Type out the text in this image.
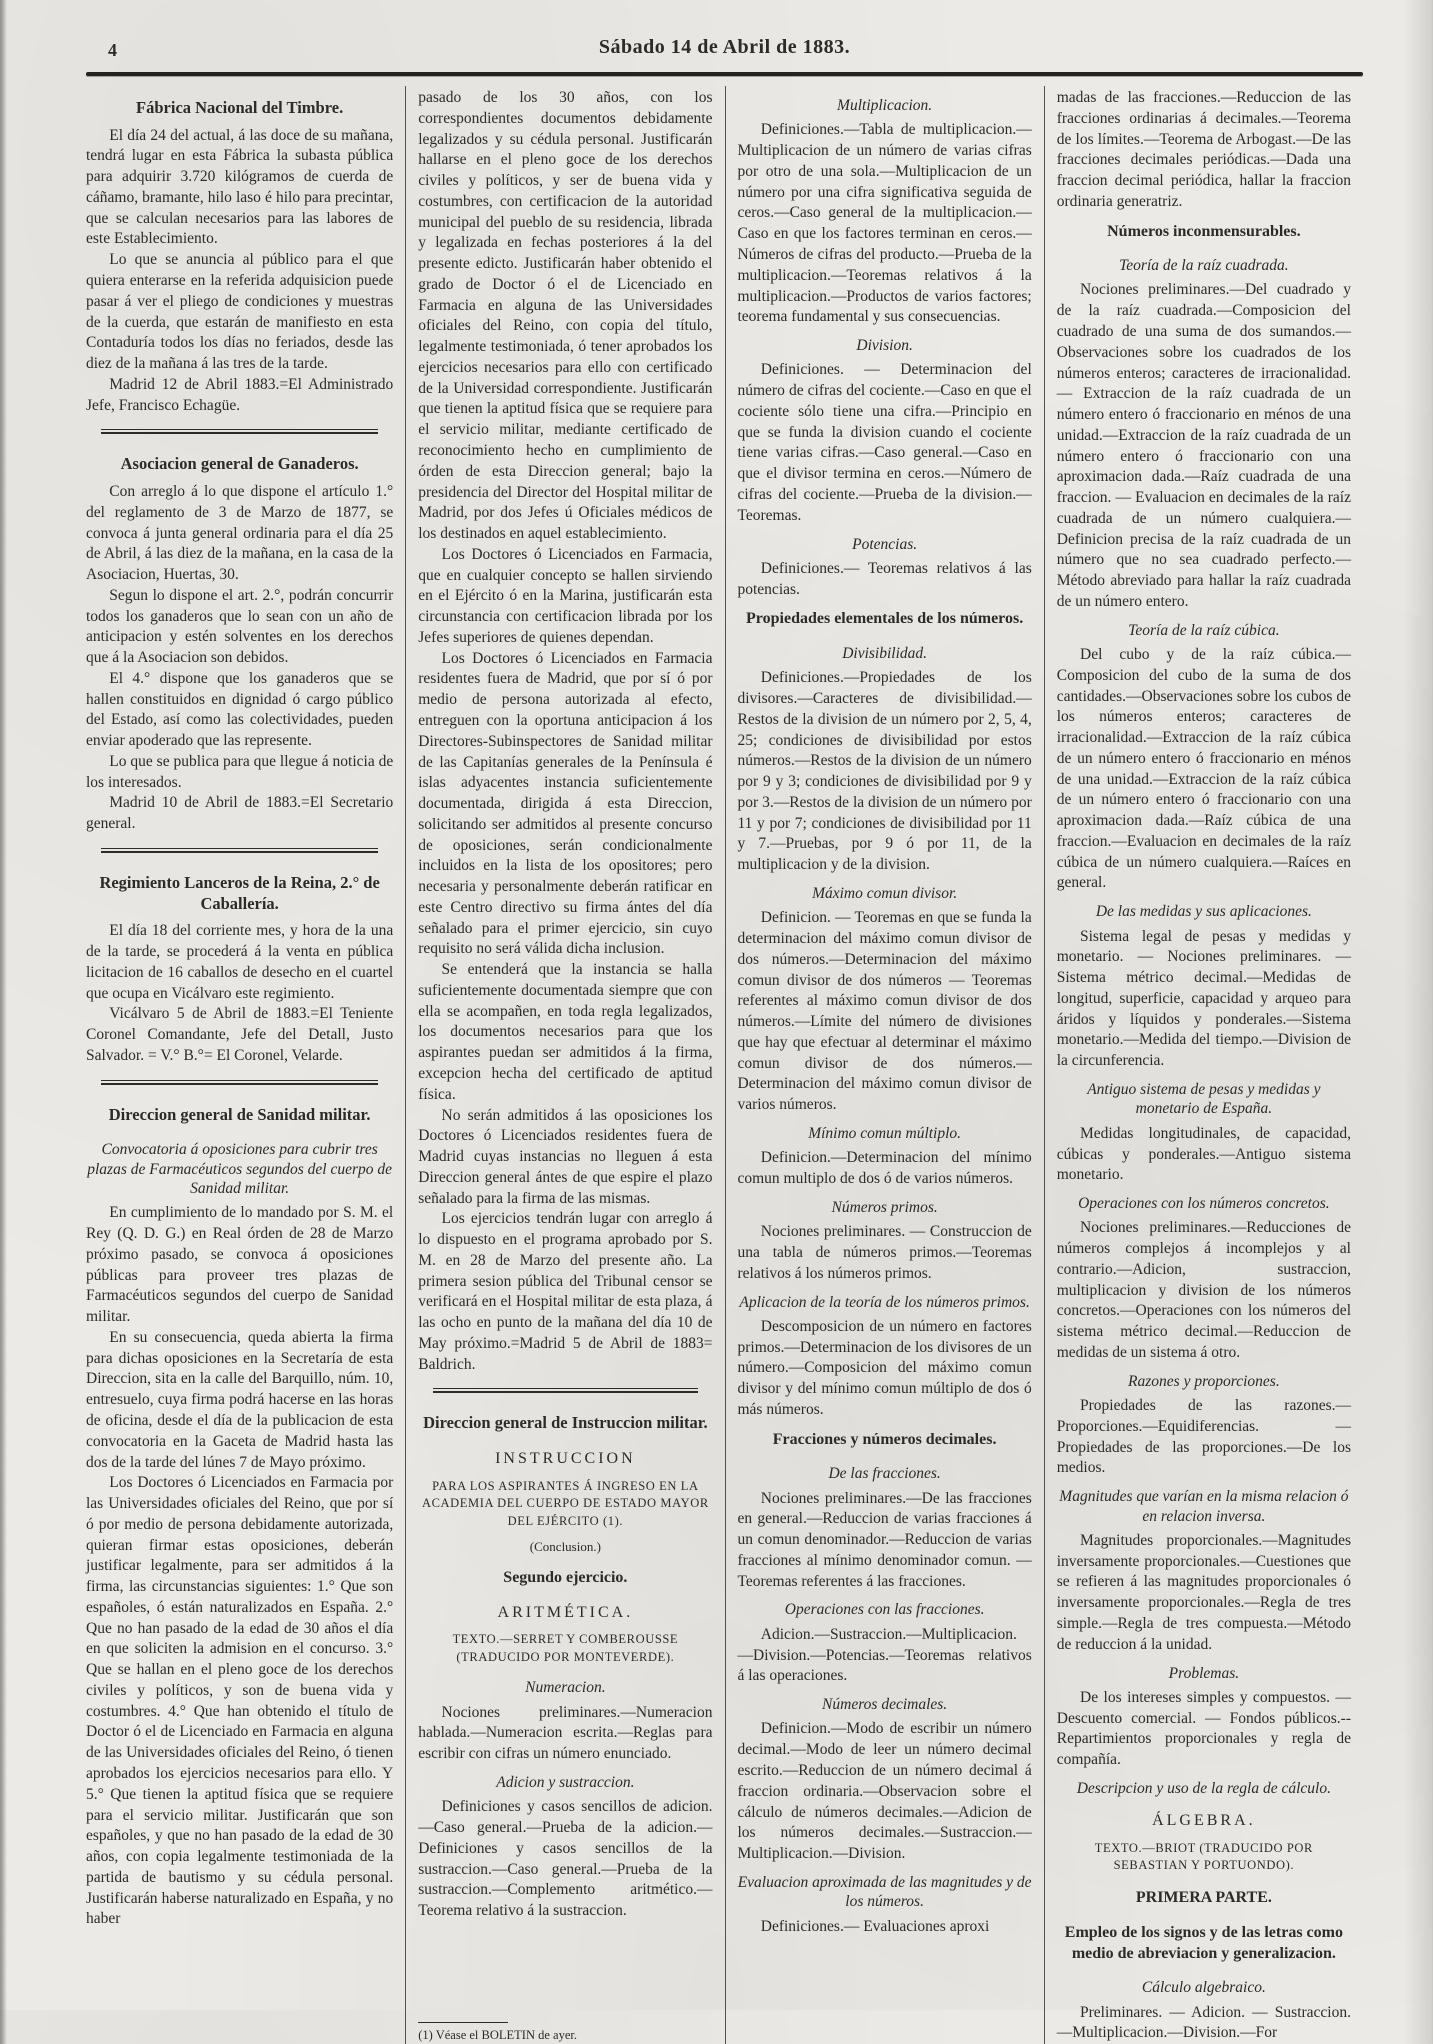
4	Sábado 14 de Abril de 1883.
Fábrica Nacional del Timbre.
El día 24 del actual, á las doce de su mañana, tendrá lugar en esta Fábrica la subasta pública para adquirir 3.720 kilógramos de cuerda de cáñamo, bramante, hilo laso é hilo para precintar, que se calculan necesarios para las labores de este Establecimiento.
Lo que se anuncia al público para el que quiera enterarse en la referida adquisicion puede pasar á ver el pliego de condiciones y muestras de la cuerda, que estarán de manifiesto en esta Contaduría todos los días no feriados, desde las diez de la mañana á las tres de la tarde.
Madrid 12 de Abril 1883.=El Administrado Jefe, Francisco Echagüe.
Asociacion general de Ganaderos.
Con arreglo á lo que dispone el artículo 1.° del reglamento de 3 de Marzo de 1877, se convoca á junta general ordinaria para el día 25 de Abril, á las diez de la mañana, en la casa de la Asociacion, Huertas, 30.
Segun lo dispone el art. 2.°, podrán concurrir todos los ganaderos que lo sean con un año de anticipacion y estén solventes en los derechos que á la Asociacion son debidos.
El 4.° dispone que los ganaderos que se hallen constituidos en dignidad ó cargo público del Estado, así como las colectividades, pueden enviar apoderado que las represente.
Lo que se publica para que llegue á noticia de los interesados.
Madrid 10 de Abril de 1883.=El Secretario general.
Regimiento Lanceros de la Reina, 2.° de Caballería.
El día 18 del corriente mes, y hora de la una de la tarde, se procederá á la venta en pública licitacion de 16 caballos de desecho en el cuartel que ocupa en Vicálvaro este regimiento.
Vicálvaro 5 de Abril de 1883.=El Teniente Coronel Comandante, Jefe del Detall, Justo Salvador. = V.° B.°= El Coronel, Velarde.
Direccion general de Sanidad militar.
Convocatoria á oposiciones para cubrir tres plazas de Farmacéuticos segundos del cuerpo de Sanidad militar.
En cumplimiento de lo mandado por S. M. el Rey (Q. D. G.) en Real órden de 28 de Marzo próximo pasado, se convoca á oposiciones públicas para proveer tres plazas de Farmacéuticos segundos del cuerpo de Sanidad militar.
En su consecuencia, queda abierta la firma para dichas oposiciones en la Secretaría de esta Direccion, sita en la calle del Barquillo, núm. 10, entresuelo, cuya firma podrá hacerse en las horas de oficina, desde el día de la publicacion de esta convocatoria en la Gaceta de Madrid hasta las dos de la tarde del lúnes 7 de Mayo próximo.
Los Doctores ó Licenciados en Farmacia por las Universidades oficiales del Reino, que por sí ó por medio de persona debidamente autorizada, quieran firmar estas oposiciones, deberán justificar legalmente, para ser admitidos á la firma, las circunstancias siguientes: 1.° Que son españoles, ó están naturalizados en España. 2.° Que no han pasado de la edad de 30 años el día en que soliciten la admision en el concurso. 3.° Que se hallan en el pleno goce de los derechos civiles y políticos, y son de buena vida y costumbres. 4.° Que han obtenido el título de Doctor ó el de Licenciado en Farmacia en alguna de las Universidades oficiales del Reino, ó tienen aprobados los ejercicios necesarios para ello. Y 5.° Que tienen la aptitud física que se requiere para el servicio militar. Justificarán que son españoles, y que no han pasado de la edad de 30 años, con copia legalmente testimoniada de la partida de bautismo y su cédula personal. Justificarán haberse naturalizado en España, y no haber
pasado de los 30 años, con los correspondientes documentos debidamente legalizados y su cédula personal. Justificarán hallarse en el pleno goce de los derechos civiles y políticos, y ser de buena vida y costumbres, con certificacion de la autoridad municipal del pueblo de su residencia, librada y legalizada en fechas posteriores á la del presente edicto. Justificarán haber obtenido el grado de Doctor ó el de Licenciado en Farmacia en alguna de las Universidades oficiales del Reino, con copia del título, legalmente testimoniada, ó tener aprobados los ejercicios necesarios para ello con certificado de la Universidad correspondiente. Justificarán que tienen la aptitud física que se requiere para el servicio militar, mediante certificado de reconocimiento hecho en cumplimiento de órden de esta Direccion general; bajo la presidencia del Director del Hospital militar de Madrid, por dos Jefes ú Oficiales médicos de los destinados en aquel establecimiento.
Los Doctores ó Licenciados en Farmacia, que en cualquier concepto se hallen sirviendo en el Ejército ó en la Marina, justificarán esta circunstancia con certificacion librada por los Jefes superiores de quienes dependan.
Los Doctores ó Licenciados en Farmacia residentes fuera de Madrid, que por sí ó por medio de persona autorizada al efecto, entreguen con la oportuna anticipacion á los Directores-Subinspectores de Sanidad militar de las Capitanías generales de la Península é islas adyacentes instancia suficientemente documentada, dirigida á esta Direccion, solicitando ser admitidos al presente concurso de oposiciones, serán condicionalmente incluidos en la lista de los opositores; pero necesaria y personalmente deberán ratificar en este Centro directivo su firma ántes del día señalado para el primer ejercicio, sin cuyo requisito no será válida dicha inclusion.
Se entenderá que la instancia se halla suficientemente documentada siempre que con ella se acompañen, en toda regla legalizados, los documentos necesarios para que los aspirantes puedan ser admitidos á la firma, excepcion hecha del certificado de aptitud física.
No serán admitidos á las oposiciones los Doctores ó Licenciados residentes fuera de Madrid cuyas instancias no lleguen á esta Direccion general ántes de que espire el plazo señalado para la firma de las mismas.
Los ejercicios tendrán lugar con arreglo á lo dispuesto en el programa aprobado por S. M. en 28 de Marzo del presente año. La primera sesion pública del Tribunal censor se verificará en el Hospital militar de esta plaza, á las ocho en punto de la mañana del día 10 de May próximo.=Madrid 5 de Abril de 1883= Baldrich.
Direccion general de Instruccion militar.
INSTRUCCION
PARA LOS ASPIRANTES Á INGRESO EN LA ACADEMIA DEL CUERPO DE ESTADO MAYOR DEL EJÉRCITO (1).
(Conclusion.)
Segundo ejercicio.
ARITMÉTICA.
TEXTO.—SERRET Y COMBEROUSSE (TRADUCIDO POR MONTEVERDE).
Numeracion.
Nociones preliminares.—Numeracion hablada.—Numeracion escrita.—Reglas para escribir con cifras un número enunciado.
Adicion y sustraccion.
Definiciones y casos sencillos de adicion.—Caso general.—Prueba de la adicion.—Definiciones y casos sencillos de la sustraccion.—Caso general.—Prueba de la sustraccion.—Complemento aritmético.—Teorema relativo á la sustraccion.
(1) Véase el BOLETIN de ayer.
Multiplicacion.
Definiciones.—Tabla de multiplicacion.—Multiplicacion de un número de varias cifras por otro de una sola.—Multiplicacion de un número por una cifra significativa seguida de ceros.—Caso general de la multiplicacion.—Caso en que los factores terminan en ceros.—Números de cifras del producto.—Prueba de la multiplicacion.—Teoremas relativos á la multiplicacion.—Productos de varios factores; teorema fundamental y sus consecuencias.
Division.
Definiciones. — Determinacion del número de cifras del cociente.—Caso en que el cociente sólo tiene una cifra.—Principio en que se funda la division cuando el cociente tiene varias cifras.—Caso general.—Caso en que el divisor termina en ceros.—Número de cifras del cociente.—Prueba de la division.—Teoremas.
Potencias.
Definiciones.— Teoremas relativos á las potencias.
Propiedades elementales de los números.
Divisibilidad.
Definiciones.—Propiedades de los divisores.—Caracteres de divisibilidad.—Restos de la division de un número por 2, 5, 4, 25; condiciones de divisibilidad por estos números.—Restos de la division de un número por 9 y 3; condiciones de divisibilidad por 9 y por 3.—Restos de la division de un número por 11 y por 7; condiciones de divisibilidad por 11 y 7.—Pruebas, por 9 ó por 11, de la multiplicacion y de la division.
Máximo comun divisor.
Definicion. — Teoremas en que se funda la determinacion del máximo comun divisor de dos números.—Determinacion del máximo comun divisor de dos números — Teoremas referentes al máximo comun divisor de dos números.—Límite del número de divisiones que hay que efectuar al determinar el máximo comun divisor de dos números.—Determinacion del máximo comun divisor de varios números.
Mínimo comun múltiplo.
Definicion.—Determinacion del mínimo comun multiplo de dos ó de varios números.
Números primos.
Nociones preliminares. — Construccion de una tabla de números primos.—Teoremas relativos á los números primos.
Aplicacion de la teoría de los números primos.
Descomposicion de un número en factores primos.—Determinacion de los divisores de un número.—Composicion del máximo comun divisor y del mínimo comun múltiplo de dos ó más números.
Fracciones y números decimales.
De las fracciones.
Nociones preliminares.—De las fracciones en general.—Reduccion de varias fracciones á un comun denominador.—Reduccion de varias fracciones al mínimo denominador comun. — Teoremas referentes á las fracciones.
Operaciones con las fracciones.
Adicion.—Sustraccion.—Multiplicacion.—Division.—Potencias.—Teoremas relativos á las operaciones.
Números decimales.
Definicion.—Modo de escribir un número decimal.—Modo de leer un número decimal escrito.—Reduccion de un número decimal á fraccion ordinaria.—Observacion sobre el cálculo de números decimales.—Adicion de los números decimales.—Sustraccion.—Multiplicacion.—Division.
Evaluacion aproximada de las magnitudes y de los números.
Definiciones.— Evaluaciones aproxi
madas de las fracciones.—Reduccion de las fracciones ordinarias á decimales.—Teorema de los límites.—Teorema de Arbogast.—De las fracciones decimales periódicas.—Dada una fraccion decimal periódica, hallar la fraccion ordinaria generatriz.
Números inconmensurables.
Teoría de la raíz cuadrada.
Nociones preliminares.—Del cuadrado y de la raíz cuadrada.—Composicion del cuadrado de una suma de dos sumandos.—Observaciones sobre los cuadrados de los números enteros; caracteres de irracionalidad. — Extraccion de la raíz cuadrada de un número entero ó fraccionario en ménos de una unidad.—Extraccion de la raíz cuadrada de un número entero ó fraccionario con una aproximacion dada.—Raíz cuadrada de una fraccion. — Evaluacion en decimales de la raíz cuadrada de un número cualquiera.—Definicion precisa de la raíz cuadrada de un número que no sea cuadrado perfecto.—Método abreviado para hallar la raíz cuadrada de un número entero.
Teoría de la raíz cúbica.
Del cubo y de la raíz cúbica.—Composicion del cubo de la suma de dos cantidades.—Observaciones sobre los cubos de los números enteros; caracteres de irracionalidad.—Extraccion de la raíz cúbica de un número entero ó fraccionario en ménos de una unidad.—Extraccion de la raíz cúbica de un número entero ó fraccionario con una aproximacion dada.—Raíz cúbica de una fraccion.—Evaluacion en decimales de la raíz cúbica de un número cualquiera.—Raíces en general.
De las medidas y sus aplicaciones.
Sistema legal de pesas y medidas y monetario. — Nociones preliminares. — Sistema métrico decimal.—Medidas de longitud, superficie, capacidad y arqueo para áridos y líquidos y ponderales.—Sistema monetario.—Medida del tiempo.—Division de la circunferencia.
Antiguo sistema de pesas y medidas y monetario de España.
Medidas longitudinales, de capacidad, cúbicas y ponderales.—Antiguo sistema monetario.
Operaciones con los números concretos.
Nociones preliminares.—Reducciones de números complejos á incomplejos y al contrario.—Adicion, sustraccion, multiplicacion y division de los números concretos.—Operaciones con los números del sistema métrico decimal.—Reduccion de medidas de un sistema á otro.
Razones y proporciones.
Propiedades de las razones.—Proporciones.—Equidiferencias. — Propiedades de las proporciones.—De los medios.
Magnitudes que varían en la misma relacion ó en relacion inversa.
Magnitudes proporcionales.—Magnitudes inversamente proporcionales.—Cuestiones que se refieren á las magnitudes proporcionales ó inversamente proporcionales.—Regla de tres simple.—Regla de tres compuesta.—Método de reduccion á la unidad.
Problemas.
De los intereses simples y compuestos. — Descuento comercial. — Fondos públicos.--Repartimientos proporcionales y regla de compañía.
Descripcion y uso de la regla de cálculo.
ÁLGEBRA.
TEXTO.—BRIOT (TRADUCIDO POR SEBASTIAN Y PORTUONDO).
PRIMERA PARTE.
Empleo de los signos y de las letras como medio de abreviacion y generalizacion.
Cálculo algebraico.
Preliminares. — Adicion. — Sustraccion. —Multiplicacion.—Division.—For
